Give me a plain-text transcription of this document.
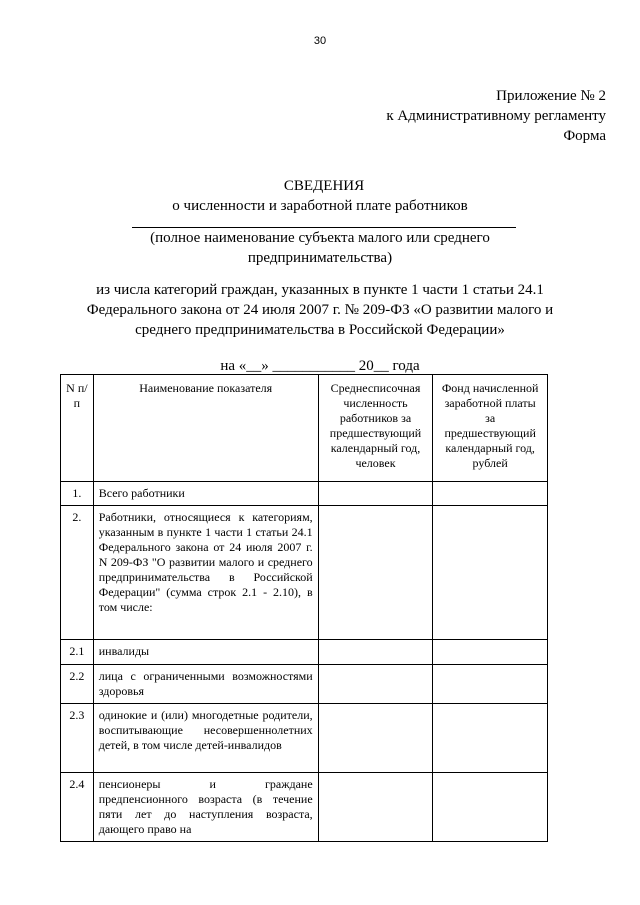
30
Приложение № 2
к Административному регламенту
Форма
СВЕДЕНИЯ
о численности и заработной плате работников
(полное наименование субъекта малого или среднего
предпринимательства)
из числа категорий граждан, указанных в пункте 1 части 1 статьи 24.1
Федерального закона от 24 июля 2007 г. № 209-ФЗ «О развитии малого и
среднего предпринимательства в Российской Федерации»
на «__» ___________ 20__ года
N п/п	Наименование показателя	Среднесписочная численность работников за предшествующий календарный год, человек	Фонд начисленной заработной платы за предшествующий календарный год, рублей
1.	Всего работники		
2.	Работники, относящиеся к категориям, указанным в пункте 1 части 1 статьи 24.1 Федерального закона от 24 июля 2007 г. N 209-ФЗ "О развитии малого и среднего предпринимательства в Российской Федерации" (сумма строк 2.1 - 2.10), в том числе:		
2.1	инвалиды		
2.2	лица с ограниченными возможностями здоровья		
2.3	одинокие и (или) многодетные родители, воспитывающие несовершеннолетних детей, в том числе детей-инвалидов		
2.4	пенсионеры и граждане предпенсионного возраста (в течение пяти лет до наступления возраста, дающего право на		
